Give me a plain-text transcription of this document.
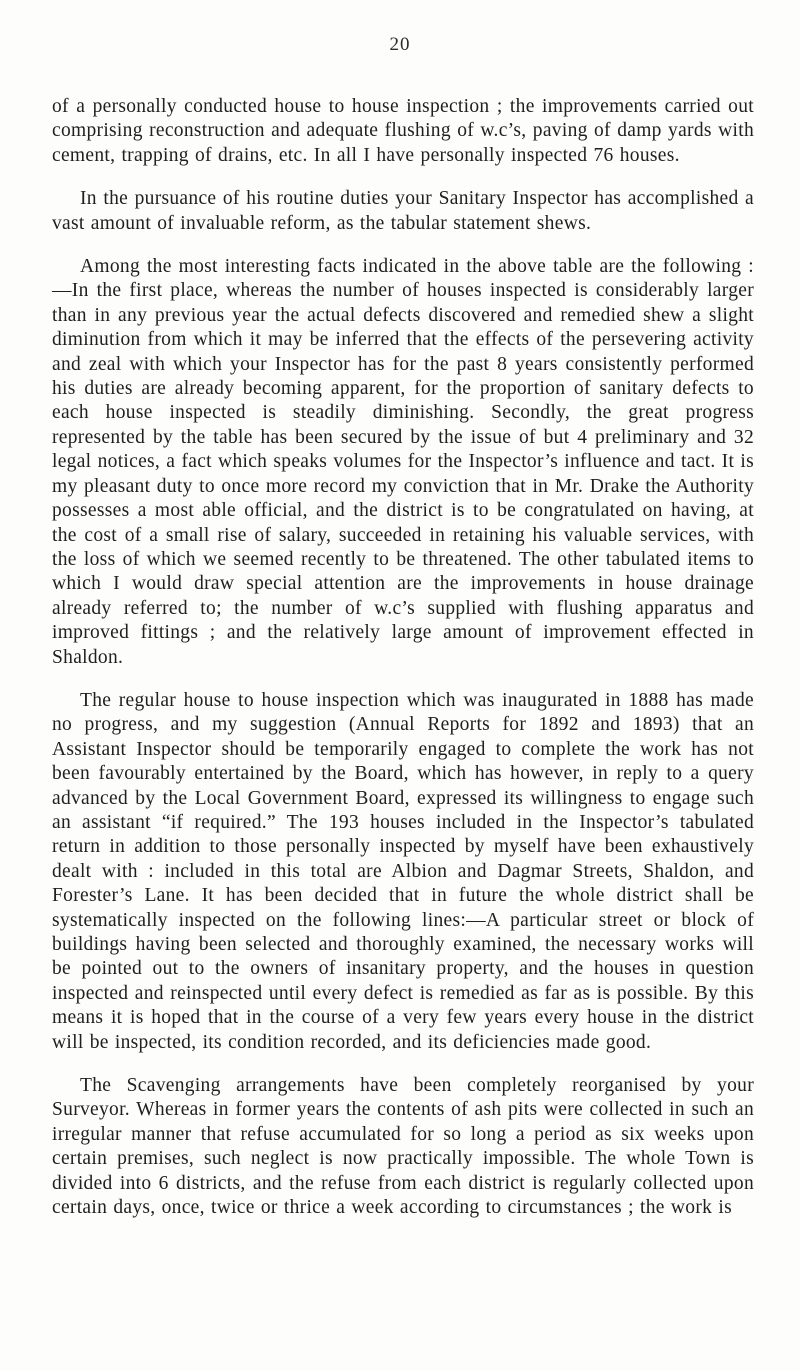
20

of a personally conducted house to house inspection ; the improvements carried out comprising reconstruction and adequate flushing of w.c’s, paving of damp yards with cement, trapping of drains, etc. In all I have personally inspected 76 houses.

In the pursuance of his routine duties your Sanitary Inspector has accomplished a vast amount of invaluable reform, as the tabular statement shews.

Among the most interesting facts indicated in the above table are the following :—In the first place, whereas the number of houses inspected is considerably larger than in any previous year the actual defects discovered and remedied shew a slight diminution from which it may be inferred that the effects of the persevering activity and zeal with which your Inspector has for the past 8 years consistently performed his duties are already becoming apparent, for the proportion of sanitary defects to each house inspected is steadily diminishing. Secondly, the great progress represented by the table has been secured by the issue of but 4 preliminary and 32 legal notices, a fact which speaks volumes for the Inspector’s influence and tact. It is my pleasant duty to once more record my conviction that in Mr. Drake the Authority possesses a most able official, and the district is to be congratulated on having, at the cost of a small rise of salary, succeeded in retaining his valuable services, with the loss of which we seemed recently to be threatened. The other tabulated items to which I would draw special attention are the improvements in house drainage already referred to; the number of w.c’s supplied with flushing apparatus and improved fittings ; and the relatively large amount of improvement effected in Shaldon.

The regular house to house inspection which was inaugurated in 1888 has made no progress, and my suggestion (Annual Reports for 1892 and 1893) that an Assistant Inspector should be temporarily engaged to complete the work has not been favourably entertained by the Board, which has however, in reply to a query advanced by the Local Government Board, expressed its willingness to engage such an assistant “if required.” The 193 houses included in the Inspector’s tabulated return in addition to those personally inspected by myself have been exhaustively dealt with : included in this total are Albion and Dagmar Streets, Shaldon, and Forester’s Lane. It has been decided that in future the whole district shall be systematically inspected on the following lines:—A particular street or block of buildings having been selected and thoroughly examined, the necessary works will be pointed out to the owners of insanitary property, and the houses in question inspected and reinspected until every defect is remedied as far as is possible. By this means it is hoped that in the course of a very few years every house in the district will be inspected, its condition recorded, and its deficiencies made good.

The Scavenging arrangements have been completely reorganised by your Surveyor. Whereas in former years the contents of ash pits were collected in such an irregular manner that refuse accumulated for so long a period as six weeks upon certain premises, such neglect is now practically impossible. The whole Town is divided into 6 districts, and the refuse from each district is regularly collected upon certain days, once, twice or thrice a week according to circumstances ; the work is
